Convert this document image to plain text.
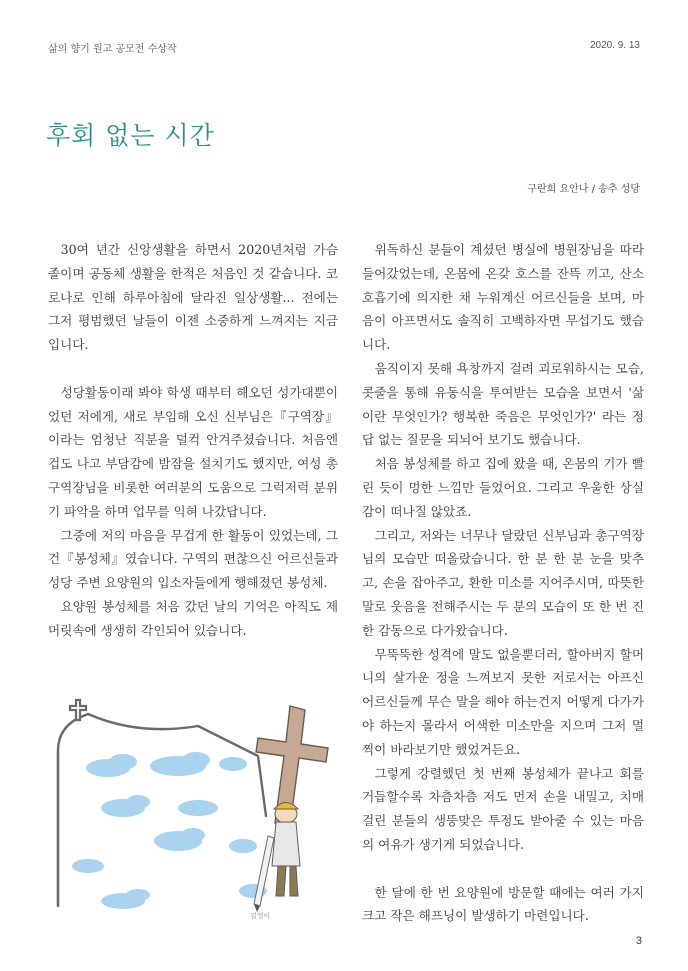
삶의 향기 원고 공모전 수상작	2020. 9. 13
후회 없는 시간
구란희 요안나 / 송추 성당

30여 년간 신앙생활을 하면서 2020년처럼 가슴 졸이며 공동체 생활을 한적은 처음인 것 같습니다. 코로나로 인해 하루아침에 달라진 일상생활... 전에는 그저 평범했던 날들이 이젠 소중하게 느껴지는 지금입니다.

성당활동이래 봐야 학생 때부터 해오던 성가대뿐이었던 저에게, 새로 부임해 오신 신부님은『구역장』이라는 엄청난 직분을 덜컥 안겨주셨습니다. 처음엔 겁도 나고 부담감에 밤잠을 설치기도 했지만, 여성 총구역장님을 비롯한 여러분의 도움으로 그럭저럭 분위기 파악을 하며 업무를 익혀 나갔답니다.

그중에 저의 마음을 무겁게 한 활동이 있었는데, 그건『봉성체』였습니다. 구역의 편찮으신 어르신들과 성당 주변 요양원의 입소자들에게 행해졌던 봉성체.

요양원 봉성체를 처음 갔던 날의 기억은 아직도 제 머릿속에 생생히 각인되어 있습니다.

위독하신 분들이 계셨던 병실에 병원장님을 따라 들어갔었는데, 온몸에 온갖 호스를 잔뜩 끼고, 산소 호흡기에 의지한 채 누워계신 어르신들을 보며, 마음이 아프면서도 솔직히 고백하자면 무섭기도 했습니다.

움직이지 못해 욕창까지 걸려 괴로워하시는 모습, 콧줄을 통해 유동식을 투여받는 모습을 보면서 '삶이란 무엇인가? 행복한 죽음은 무엇인가?' 라는 정답 없는 질문을 되뇌어 보기도 했습니다.

처음 봉성체를 하고 집에 왔을 때, 온몸의 기가 빨린 듯이 멍한 느낌만 들었어요. 그리고 우울한 상실감이 떠나질 않았죠.

그리고, 저와는 너무나 달랐던 신부님과 총구역장님의 모습만 떠올랐습니다. 한 분 한 분 눈을 맞추고, 손을 잡아주고, 환한 미소를 지어주시며, 따뜻한 말로 웃음을 전해주시는 두 분의 모습이 또 한 번 진한 감동으로 다가왔습니다.

무뚝뚝한 성격에 말도 없을뿐더러, 할아버지 할머니의 살가운 정을 느껴보지 못한 저로서는 아프신 어르신들께 무슨 말을 해야 하는건지 어떻게 다가가야 하는지 몰라서 어색한 미소만을 지으며 그저 멀찍이 바라보기만 했었거든요.

그렇게 강렬했던 첫 번째 봉성체가 끝나고 회를 거듭할수록 차츰차츰 저도 먼저 손을 내밀고, 치매 걸린 분들의 생뚱맞은 투정도 받아줄 수 있는 마음의 여유가 생기게 되었습니다.

한 달에 한 번 요양원에 방문할 때에는 여러 가지 크고 작은 해프닝이 발생하기 마련입니다.

김영이
3
